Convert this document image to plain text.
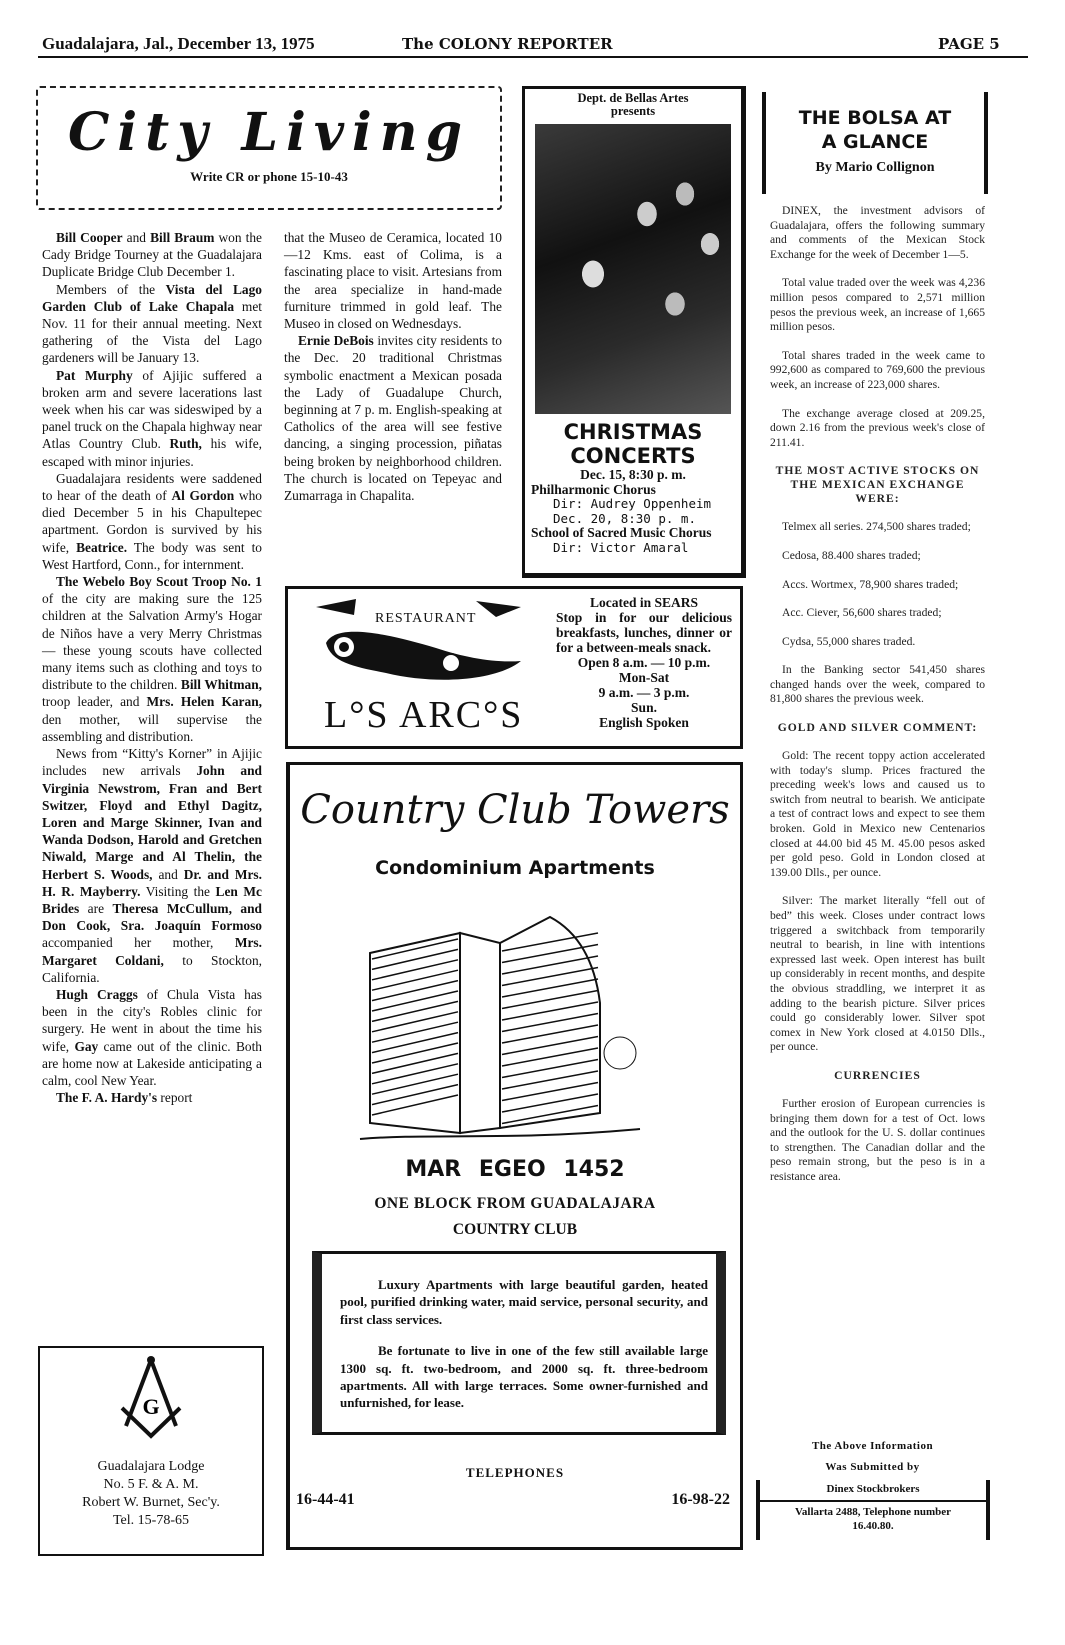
Guadalajara, Jal., December 13, 1975	The COLONY REPORTER	PAGE 5
City Living
Write CR or phone 15-10-43

Bill Cooper and Bill Braum won the Cady Bridge Tourney at the Guadalajara Duplicate Bridge Club December 1.

Members of the Vista del Lago Garden Club of Lake Chapala met Nov. 11 for their annual meeting. Next gathering of the Vista del Lago gardeners will be January 13.

Pat Murphy of Ajijic suffered a broken arm and severe lacerations last week when his car was sideswiped by a panel truck on the Chapala highway near Atlas Country Club. Ruth, his wife, escaped with minor injuries.

Guadalajara residents were saddened to hear of the death of Al Gordon who died December 5 in his Chapultepec apartment. Gordon is survived by his wife, Beatrice. The body was sent to West Hartford, Conn., for internment.

The Webelo Boy Scout Troop No. 1 of the city are making sure the 125 children at the Salvation Army's Hogar de Niños have a very Merry Christmas — these young scouts have collected many items such as clothing and toys to distribute to the children. Bill Whitman, troop leader, and Mrs. Helen Karan, den mother, will supervise the assembling and distribution.

News from “Kitty's Korner” in Ajijic includes new arrivals John and Virginia Newstrom, Fran and Bert Switzer, Floyd and Ethyl Dagitz, Loren and Marge Skinner, Ivan and Wanda Dodson, Harold and Gretchen Niwald, Marge and Al Thelin, the Herbert S. Woods, and Dr. and Mrs. H. R. Mayberry. Visiting the Len Mc Brides are Theresa McCullum, and Don Cook, Sra. Joaquín Formoso accompanied her mother, Mrs. Margaret Coldani, to Stockton, California.

Hugh Craggs of Chula Vista has been in the city's Robles clinic for surgery. He went in about the time his wife, Gay came out of the clinic. Both are home now at Lakeside anticipating a calm, cool New Year.

The F. A. Hardy's report

that the Museo de Ceramica, located 10—12 Kms. east of Colima, is a fascinating place to visit. Artesians from the area specialize in hand-made furniture trimmed in gold leaf. The Museo in closed on Wednesdays.

Ernie DeBois invites city residents to the Dec. 20 traditional Christmas symbolic enactment a Mexican posada the Lady of Guadalupe Church, beginning at 7 p. m. English-speaking at Catholics of the area will see festive dancing, a singing procession, piñatas being broken by neighborhood children. The church is located on Tepeyac and Zumarraga in Chapalita.

G
Guadalajara Lodge
No. 5 F. & A. M.
Robert W. Burnet, Sec'y.
Tel. 15-78-65
Dept. de Bellas Artes
presents
CHRISTMAS
CONCERTS
Dec. 15, 8:30 p. m.
Philharmonic Chorus
Dir: Audrey Oppenheim
Dec. 20, 8:30 p. m.
School of Sacred Music Chorus
Dir: Victor Amaral
RESTAURANT
L°S ARC°S
Located in SEARS
Stop in for our delicious breakfasts, lunches, dinner or for a between-meals snack.
Open 8 a.m. — 10 p.m.
Mon-Sat
9 a.m. — 3 p.m.
Sun.
English Spoken
Country Club Towers
Condominium Apartments
MAR EGEO 1452
ONE BLOCK FROM GUADALAJARA
COUNTRY CLUB

Luxury Apartments with large beautiful garden, heated pool, purified drinking water, maid service, personal security, and first class services.

Be fortunate to live in one of the few still available large 1300 sq. ft. two-bedroom, and 2000 sq. ft. three-bedroom apartments. All with large terraces. Some owner-furnished and unfurnished, for lease.

TELEPHONES
16-44-41	16-98-22
THE BOLSA AT
A GLANCE
By Mario Collignon

DINEX, the investment advisors of Guadalajara, offers the following summary and comments of the Mexican Stock Exchange for the week of December 1—5.

Total value traded over the week was 4,236 million pesos compared to 2,571 million pesos the previous week, an increase of 1,665 million pesos.

Total shares traded in the week came to 992,600 as compared to 769,600 the previous week, an increase of 223,000 shares.

The exchange average closed at 209.25, down 2.16 from the previous week's close of 211.41.

THE MOST ACTIVE STOCKS ON THE MEXICAN EXCHANGE WERE:

Telmex all series. 274,500 shares traded;

Cedosa, 88.400 shares traded;

Accs. Wortmex, 78,900 shares traded;

Acc. Ciever, 56,600 shares traded;

Cydsa, 55,000 shares traded.

In the Banking sector 541,450 shares changed hands over the week, compared to 81,800 shares the previous week.

GOLD AND SILVER COMMENT:

Gold: The recent toppy action accelerated with today's slump. Prices fractured the preceding week's lows and caused us to switch from neutral to bearish. We anticipate a test of contract lows and expect to see them broken. Gold in Mexico new Centenarios closed at 44.00 bid 45 M. 45.00 pesos asked per gold peso. Gold in London closed at 139.00 Dlls., per ounce.

Silver: The market literally “fell out of bed” this week. Closes under contract lows triggered a switchback from temporarily neutral to bearish, in line with intentions expressed last week. Open interest has built up considerably in recent months, and despite the obvious straddling, we interpret it as adding to the bearish picture. Silver prices could go considerably lower. Silver spot comex in New York closed at 4.0150 Dlls., per ounce.

CURRENCIES

Further erosion of European currencies is bringing them down for a test of Oct. lows and the outlook for the U. S. dollar continues to strengthen. The Canadian dollar and the peso remain strong, but the peso is in a resistance area.

The Above Information
Was Submitted by
Dinex Stockbrokers
Vallarta 2488, Telephone number
16.40.80.
